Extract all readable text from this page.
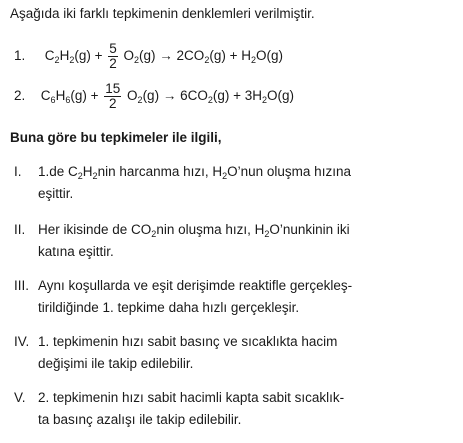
Aşağıda iki farklı tepkimenin denklemleri verilmiştir.
1. $C_2H_2(g) + \frac{5}{2} O_2(g) \to 2CO_2(g) + H_2O(g)$
2. $C_6H_6(g) + \frac{15}{2} O_2(g) \to 6CO_2(g) + 3H_2O(g)$
Buna göre bu tepkimeler ile ilgili,
I. 1.de $C_2H_2nin$ harcanma hızı, $H_2O’nun$ oluşma hızına
eşittir.
II. Her ikisinde de $CO_2nin$ oluşma hızı, $H_2O’nunkinin$ iki
katına eşittir.
III. Aynı koşullarda ve eşit derişimde reaktifle gerçekleş-
tirildiğinde 1. tepkime daha hızlı gerçekleşir.
IV. 1. tepkimenin hızı sabit basınç ve sıcaklıkta hacim
değişimi ile takip edilebilir.
V. 2. tepkimenin hızı sabit hacimli kapta sabit sıcaklık-
ta basınç azalışı ile takip edilebilir.
